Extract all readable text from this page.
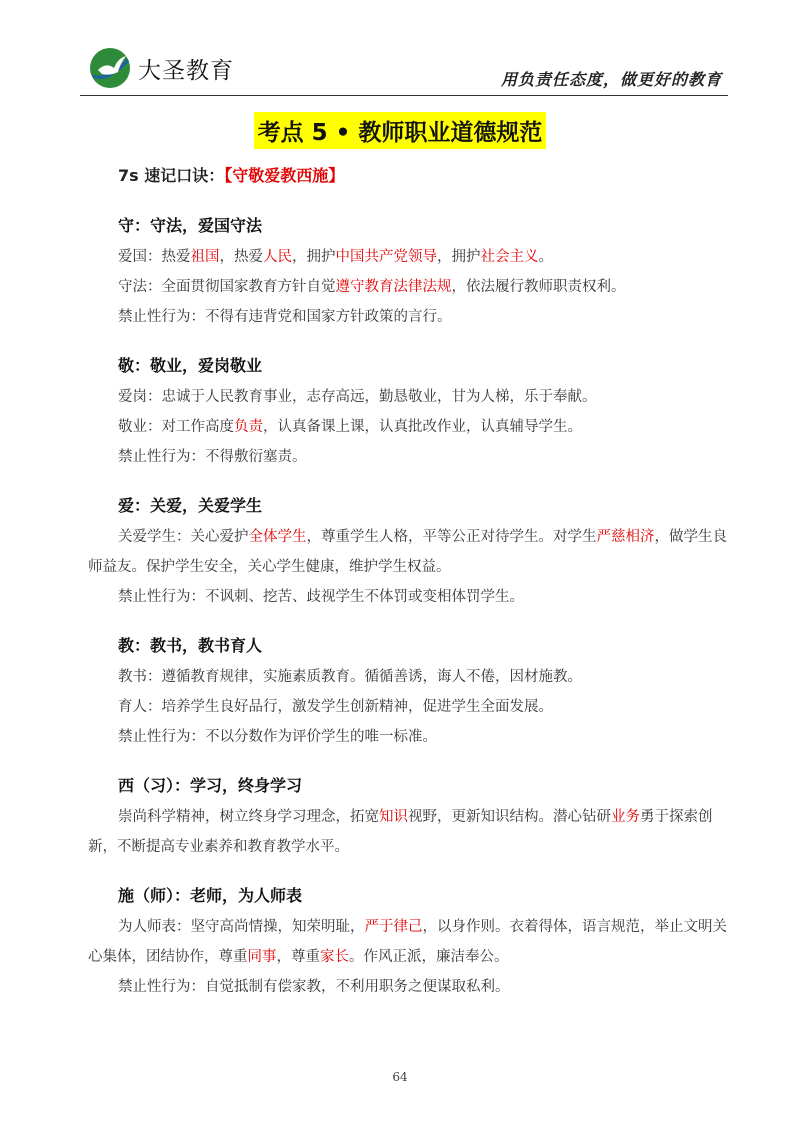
大圣教育	用负责任态度，做更好的教育
考点 5 • 教师职业道德规范
7s 速记口诀：【守敬爱教西施】
守：守法，爱国守法

爱国：热爱祖国，热爱人民，拥护中国共产党领导，拥护社会主义。

守法：全面贯彻国家教育方针自觉遵守教育法律法规，依法履行教师职责权利。

禁止性行为：不得有违背党和国家方针政策的言行。

敬：敬业，爱岗敬业

爱岗：忠诚于人民教育事业，志存高远，勤恳敬业，甘为人梯，乐于奉献。

敬业：对工作高度负责，认真备课上课，认真批改作业，认真辅导学生。

禁止性行为：不得敷衍塞责。

爱：关爱，关爱学生

关爱学生：关心爱护全体学生，尊重学生人格，平等公正对待学生。对学生严慈相济，做学生良师益友。保护学生安全，关心学生健康，维护学生权益。

禁止性行为：不讽刺、挖苦、歧视学生不体罚或变相体罚学生。

教：教书，教书育人

教书：遵循教育规律，实施素质教育。循循善诱，诲人不倦，因材施教。

育人：培养学生良好品行，激发学生创新精神，促进学生全面发展。

禁止性行为：不以分数作为评价学生的唯一标准。

西（习）：学习，终身学习

崇尚科学精神，树立终身学习理念，拓宽知识视野，更新知识结构。潜心钻研业务勇于探索创新，不断提高专业素养和教育教学水平。

施（师）：老师，为人师表

为人师表：坚守高尚情操，知荣明耻，严于律己，以身作则。衣着得体，语言规范，举止文明关心集体，团结协作，尊重同事，尊重家长。作风正派，廉洁奉公。

禁止性行为：自觉抵制有偿家教，不利用职务之便谋取私利。

64
